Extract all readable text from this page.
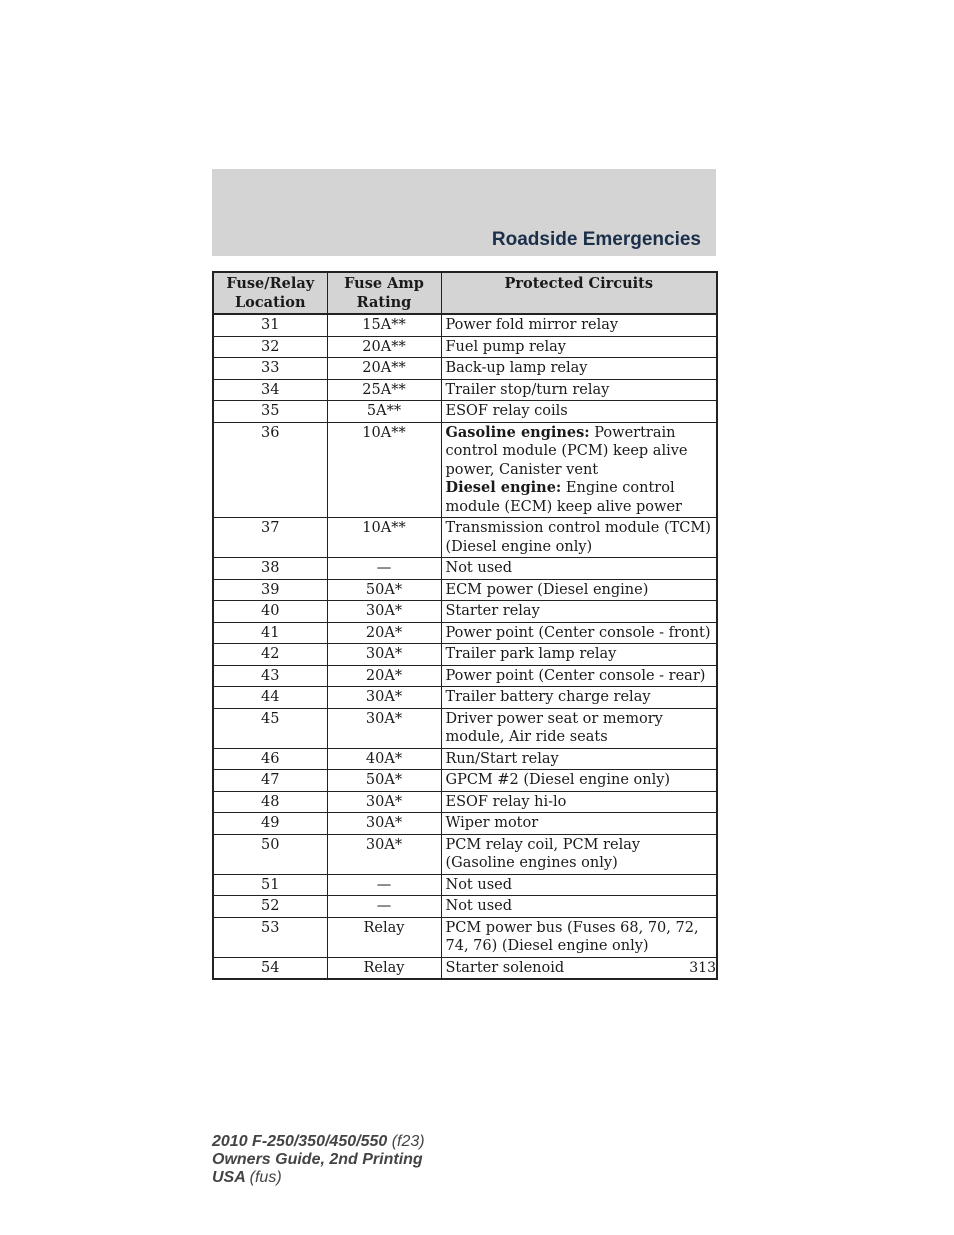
Roadside Emergencies
Fuse/Relay Location	Fuse Amp Rating	Protected Circuits
31	15A**	Power fold mirror relay

32	20A**	Fuel pump relay

33	20A**	Back-up lamp relay

34	25A**	Trailer stop/turn relay

35	5A**	ESOF relay coils

36	10A**	Gasoline engines: Powertrain control module (PCM) keep alive power, Canister vent
Diesel engine: Engine control module (ECM) keep alive power

37	10A**	Transmission control module (TCM) (Diesel engine only)

38	—	Not used

39	50A*	ECM power (Diesel engine)

40	30A*	Starter relay

41	20A*	Power point (Center console - front)

42	30A*	Trailer park lamp relay

43	20A*	Power point (Center console - rear)

44	30A*	Trailer battery charge relay

45	30A*	Driver power seat or memory module, Air ride seats

46	40A*	Run/Start relay

47	50A*	GPCM #2 (Diesel engine only)

48	30A*	ESOF relay hi-lo

49	30A*	Wiper motor

50	30A*	PCM relay coil, PCM relay (Gasoline engines only)

51	—	Not used

52	—	Not used

53	Relay	PCM power bus (Fuses 68, 70, 72, 74, 76) (Diesel engine only)

54	Relay	Starter solenoid	313
2010 F-250/350/450/550 (f23)
Owners Guide, 2nd Printing
USA (fus)
